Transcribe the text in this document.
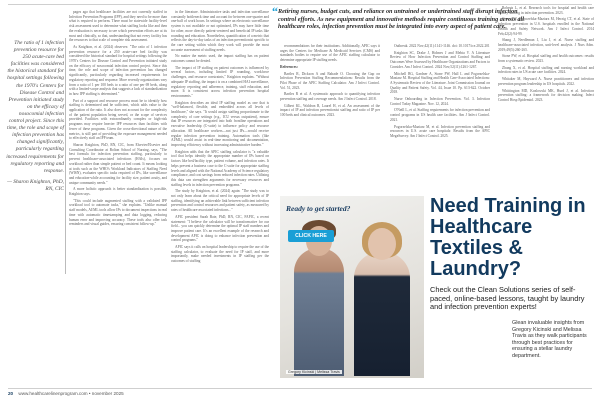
The ratio of 1 infection prevention resource for 250 acute-care bed facilities was considered the historical standard for hospital settings following the 1970's Centers for Disease Control and Prevention initiated study on the efficacy of nosocomial infection control project. Since this time, the role and scope of infection prevention has changed significantly, particularly regarding increased requirements for regulatory reporting and response.
— Sharon Knighton, PhD, RN, CIC

pages ago that healthcare facilities are not currently staffed in Infection Prevention Programs (IPP), and they need to be more than what is required to perform. There must be statewide facility-level risk assessment used to determine what staffing looks like and then the evaluation is necessary to see which prevention efforts are at its most and clinically, so that, understanding that not every facility has the resources to that scale of complete risk assessment.

As Knighton, et al. (2024) observes: "The ratio of 1 infection prevention resource for a 250 acute-care bed facility was considered the historical standard for hospital settings following the 1970's Centers for Disease Control and Prevention initiated study on the efficacy of nosocomial infection control project. Since this time, the role and scope of infection prevention has changed significantly, particularly regarding increased requirements for regulatory reporting and response. More recently organizations vary from a ratio of 1 per 100 beds to a ratio of one per 69 beds, along with a limited-scope analysis that suggests a lack of standardization in how IPP staffing is determined."

Part of a support and resource process must be to identify how staffing is determined and be sufficient, which adds value to the application of the ratio. It also does not account for the complexity of the patient population being served, or the scope of services provided. Facilities with extraordinarily complex or high-risk programs may require heavier IPP resources than facilities with fewer of these programs. Given the cross-directional nature of the metrics, is still part of providing the exposure management needed to effectively staff an IPP team.

Sharon Knighton, PhD, RN, CIC, from Elsevier/Elsevier and Consulting Coordinator at Bolton School of Nursing, says, "The best formula for infection prevention staffing, particularly to prevent healthcare-associated infections (HAIs), focuses on workload rather than simple patient or bed count. It means looking at tools such as the WHO's Workload Indicators of Staffing Need (WISN), evaluates specific tasks required of IPs, like surveillance and education-while accounting for facility size, patient acuity, and unique community needs."

A more holistic approach is better standardization is possible, Knighton says.

"This could include augmented staffing with a validated IPP workload tool to automate tasks," she explains. "Unlike manual staff models, AI/ML tools allow IPs to document inspections in real time with automatic timestamping and data logging, reducing human error and improving accuracy. These tools also offer task reminders and visual guides, ensuring consistent follow-up."

in the literature. Administrative tasks and infection surveillance constantly bottleneck time and account for between one-quarter and one-half of work hours. In settings where an electronic surveillance system is not available or not optimized, IPs may have little time for other, more directly patient-centered and beneficial IP tasks like rounding and education. Nonetheless, quantification of a metric that reflects the day-to-day tasks of an infection preventionist specific to the care setting within which they work will provide the most accurate assessment of staffing needs.

No matter the metric used, the impact staffing has on patient outcomes cannot be denied.

The impact of IP staffing on patient outcomes is influenced by several factors, including limited IP rounding, workforce challenges, and resource constraints," Knighton explains. "Without adequate IP staffing, the impact is on a combined HAI surveillance, regulatory reporting and adherence, training, staff education, and more. It is consistent across infection prevention hospital environments."

Knighton describes an ideal IP staffing model as one that is "well-balanced, flexible, and embedded across all levels of healthcare," she says. "It would assign staffing proportionate to the complexity of care settings (e.g., ICU versus outpatient), ensure that IP resources are integrated into both frontline operations and executive leadership (C-suite) to influence policy and resource allocation. All healthcare workers—not just IPs—would receive regular infection prevention training. Automation tools (like AI/ML) would assist in real-time monitoring and documentation, improving efficiency without increasing administrative burden."

Knighton adds that the APIC staffing calculator is "a valuable tool that helps identify the appropriate number of IPs based on factors like bed/facility type, patient volume, and infection rates. It helps prevent a business case to the C-suite for appropriate staffing levels and aligned with the National Academy of Science regulatory compliance, and cost savings from reduced infection rates. Utilizing this data can strengthen arguments for necessary resources and staffing levels in infection prevention programs."

The study by Knighton, et al. (2024) again: "The study was to not only learn about the critical need for appropriate levels of IP staffing, identifying an achievable link between sufficient infection prevention and control resources and patient safety, as measured by rates of healthcare-associated infections..."

APIC president Sarah Bate, PhD, RN, CIC, FAPIC, a recent statement: "I believe the calculator will be transformative for our field... you can quickly determine the optimal IP staff numbers and improve patient care. It's an excellent example of the research and development APIC is doing to enhance infection prevention and control programs."

APIC says it calls on hospital leadership to require the use of the staffing calculator, to evaluate the need for IP staff, and more importantly, make needed investments in IP staffing per the outcomes of staffing

“ Retiring nurses, budget cuts, and reliance on untrained or undertrained staff disrupt infection control efforts. As new equipment and innovative methods require continuous training across all healthcare roles, infection prevention must be integrated into every aspect of patient care.

recommendations for their institutions. Additionally, APIC says it urges the Centers for Medicare & Medicaid Services (CMS) and standards bodies to require use of the APIC staffing calculator to determine appropriate IP staffing needs.

References:

Bartles R, Dickson A and Babade O. Choosing the Gap on Infection Prevention Staffing Recommendations: Results from the Pilot Phase of the APIC Staffing Calculator. Am J Infect Control. Vol. 51, 2023.

Bartles R et al. A systematic approach to quantifying infection prevention staffing and coverage needs. Am J Infect Control. 2018.

Gilbert KL, Waldron R, Laurel H, et al. An assessment of the impact of IP and infection preventionist staffing and ratio of IP per 100 beds and clinical outcomes. 2023.

Outbreak. 2022 Nov;42(11):1141-1146. doi: 10.1017/ice.2022.201

Knighton SC, Drake J, Holmes J and Mehta V. A Literature Review of How Infection Prevention and Control Staffing and Outcomes Were Assessed by Healthcare Organizations and Factors to Consider. Am J Infect Control. 2024 Nov;52(11):1261-1267.

Mitchell BG, Gardner A, Stone PW, Hall L and Pogorzelska-Maziarz M. Hospital Staffing and Health Care-Associated Infections: A Systematic Review of the Literature. Joint Commission Journal on Quality and Patient Safety. Vol. 44, Issue 10. Pp. 613-622. October 2018.

Nurse Onboarding in Infection Prevention. Vol. 3. Infection Control Today Magazine. Nov. 12, 2024.

O'Neill L, et al. Staffing requirements for infection prevention and control programs in US health care facilities. Am J Infect Control. 2021.

Pogorzelska-Maziarz M, et al. Infection prevention staffing and resources in U.S. acute care hospitals: Results from the APIC MegaSurvey. Am J Infect Control. 2025.

Roberts L, et al. Research tools for hospital and health care facility staffing in infection prevention. 2023.

Stone PW, Pogorzelska-Maziarz M, Herzig CT, et al. State of infection prevention in U.S. hospitals enrolled in the National Health and Safety Network. Am J Infect Control. 2014 Feb;42(2):94-99.

Shang J, Needleman J, Liu J, et al. Nurse staffing and healthcare-associated infection, unit-level analysis. J Nurs Adm. 2019;49(5):260-265.

Stone PW, et al. Hospital staffing and health outcomes: results from a systematic review. 2023.

Zhang X, et al. Hospital staffing and nursing workload and infection rates in US acute care facilities. 2024.

Whitaker M, Hayward A. Nurse practitioners and infection prevention program leadership in US hospitals. 2022.

Whittington MD, Kozlowski MK, Hurd J, et al. Infection prevention staffing: a framework for decision making. Infect Control Hosp Epidemiol. 2023.

Ready to get started?
CLICK HERE
Gregory Kicinski | Melissa Travis
Need Training in Healthcare Textiles & Laundry?
Check out the Clean Solutions series of self-paced, online-based lessons, taught by laundry and infection prevention experts!
Glean invaluable insights from Gregory Kicinski and Melissa Travis as they walk participants through best practices for ensuring a stellar laundry department.
20 www.healthcarelinenprogram.com • november 2025
